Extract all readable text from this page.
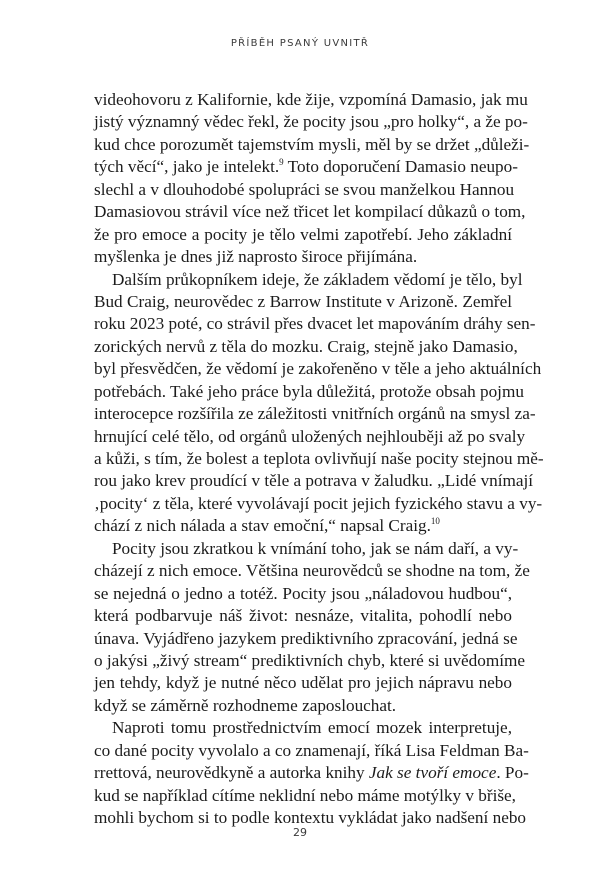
PŘÍBĚH PSANÝ UVNITŘ
videohovoru z Kalifornie, kde žije, vzpomíná Damasio, jak mu
jistý významný vědec řekl, že pocity jsou „pro holky“, a že po-
kud chce porozumět tajemstvím mysli, měl by se držet „důleži-
tých věcí“, jako je intelekt.$^9$ Toto doporučení Damasio neupo-
slechl a v dlouhodobé spolupráci se svou manželkou Hannou
Damasiovou strávil více než třicet let kompilací důkazů o tom,
že pro emoce a pocity je tělo velmi zapotřebí. Jeho základní
myšlenka je dnes již naprosto široce přijímána.
Dalším průkopníkem ideje, že základem vědomí je tělo, byl
Bud Craig, neurovědec z Barrow Institute v Arizoně. Zemřel
roku 2023 poté, co strávil přes dvacet let mapováním dráhy sen-
zorických nervů z těla do mozku. Craig, stejně jako Damasio,
byl přesvědčen, že vědomí je zakořeněno v těle a jeho aktuálních
potřebách. Také jeho práce byla důležitá, protože obsah pojmu
interocepce rozšířila ze záležitosti vnitřních orgánů na smysl za-
hrnující celé tělo, od orgánů uložených nejhlouběji až po svaly
a kůži, s tím, že bolest a teplota ovlivňují naše pocity stejnou mě-
rou jako krev proudící v těle a potrava v žaludku. „Lidé vnímají
‚pocity‘ z těla, které vyvolávají pocit jejich fyzického stavu a vy-
chází z nich nálada a stav emoční,“ napsal Craig.$^{10}$
Pocity jsou zkratkou k vnímání toho, jak se nám daří, a vy-
cházejí z nich emoce. Většina neurovědců se shodne na tom, že
se nejedná o jedno a totéž. Pocity jsou „náladovou hudbou“,
která podbarvuje náš život: nesnáze, vitalita, pohodlí nebo
únava. Vyjádřeno jazykem prediktivního zpracování, jedná se
o jakýsi „živý stream“ prediktivních chyb, které si uvědomíme
jen tehdy, když je nutné něco udělat pro jejich nápravu nebo
když se záměrně rozhodneme zaposlouchat.
Naproti tomu prostřednictvím emocí mozek interpretuje,
co dané pocity vyvolalo a co znamenají, říká Lisa Feldman Ba-
rrettová, neurovědkyně a autorka knihy Jak se tvoří emoce. Po-
kud se například cítíme neklidní nebo máme motýlky v břiše,
mohli bychom si to podle kontextu vykládat jako nadšení nebo
29
